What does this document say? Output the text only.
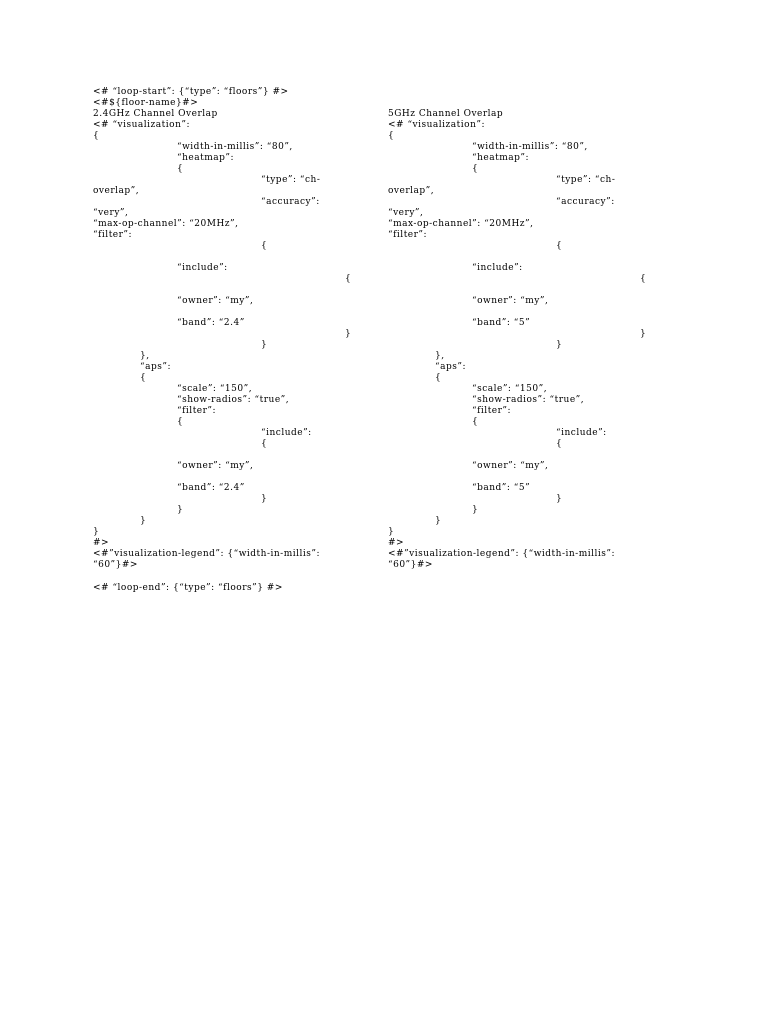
<# “loop-start”: {“type”: “floors”} #>
<#${floor-name}#>
2.4GHz Channel Overlap
<# “visualization”:
{
“width-in-millis”: “80”,
“heatmap”:
{
“type”: “ch-
overlap”,
“accuracy”:
“very”,
“max-op-channel”: “20MHz”,
“filter”:
{
“include”:
{
“owner”: “my”,
“band”: “2.4”
}
}
},
“aps”:
{
“scale”: “150”,
“show-radios”: “true”,
“filter”:
{
“include”:
{
“owner”: “my”,
“band”: “2.4”
}
}
}
}
#>
<#”visualization-legend”: {“width-in-millis”:
“60”}#>
5GHz Channel Overlap
<# “visualization”:
{
“width-in-millis”: “80”,
“heatmap”:
{
“type”: “ch-
overlap”,
“accuracy”:
“very”,
“max-op-channel”: “20MHz”,
“filter”:
{
“include”:
{
“owner”: “my”,
“band”: “5”
}
}
},
“aps”:
{
“scale”: “150”,
“show-radios”: “true”,
“filter”:
{
“include”:
{
“owner”: “my”,
“band”: “5”
}
}
}
}
#>
<#”visualization-legend”: {“width-in-millis”:
“60”}#>
<# “loop-end”: {“type”: “floors”} #>
